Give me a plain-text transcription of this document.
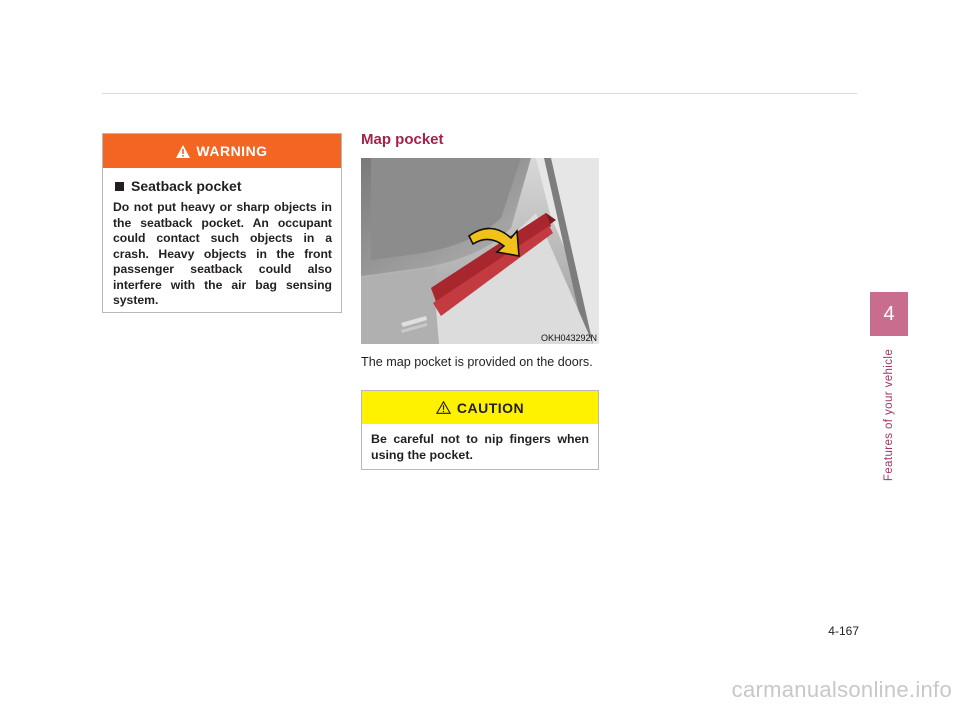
WARNING
Seatback pocket
Do not put heavy or sharp objects in the seatback pocket. An occupant could contact such objects in a crash. Heavy objects in the front passenger seatback could also interfere with the air bag sensing system.
Map pocket
OKH043292N
The map pocket is provided on the doors.
CAUTION
Be careful not to nip fingers when using the pocket.
4
Features of your vehicle
4-167
carmanualsonline.info
